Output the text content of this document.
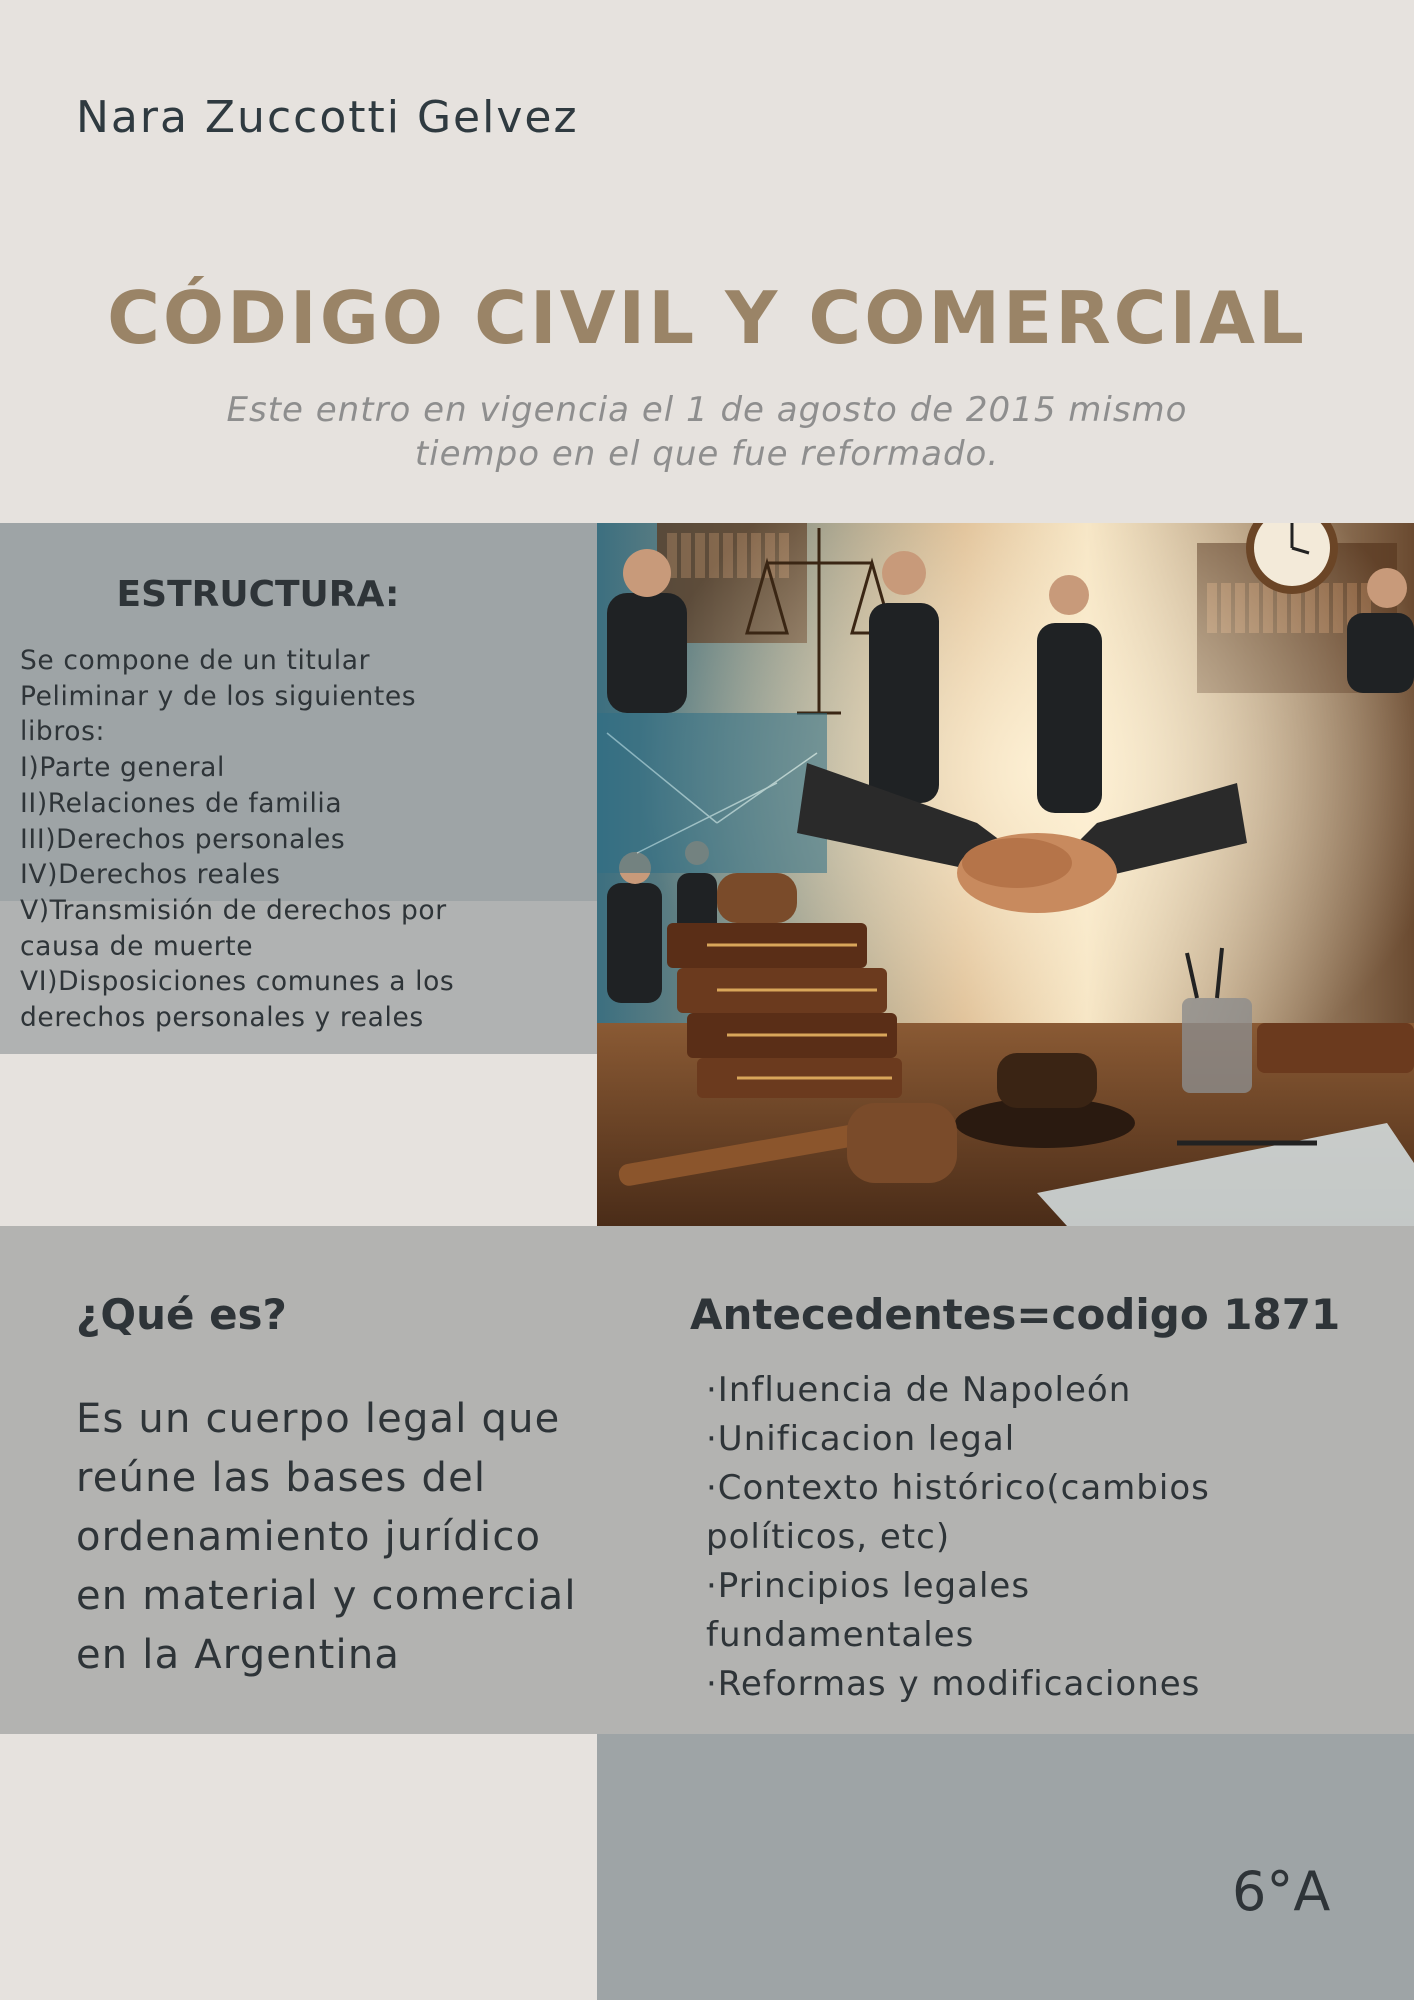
Nara Zuccotti Gelvez
CÓDIGO CIVIL Y COMERCIAL
Este entro en vigencia el 1 de agosto de 2015 mismo
tiempo en el que fue reformado.
ESTRUCTURA:
Se compone de un titular
Peliminar y de los siguientes
libros:
I)Parte general
II)Relaciones de familia
III)Derechos personales
IV)Derechos reales
V)Transmisión de derechos por
causa de muerte
VI)Disposiciones comunes a los
derechos personales y reales
¿Qué es?
Es un cuerpo legal que
reúne las bases del
ordenamiento jurídico
en material y comercial
en la Argentina
Antecedentes=codigo 1871
·Influencia de Napoleón
·Unificacion legal
·Contexto histórico(cambios
políticos, etc)
·Principios legales
fundamentales
·Reformas y modificaciones
6°A
